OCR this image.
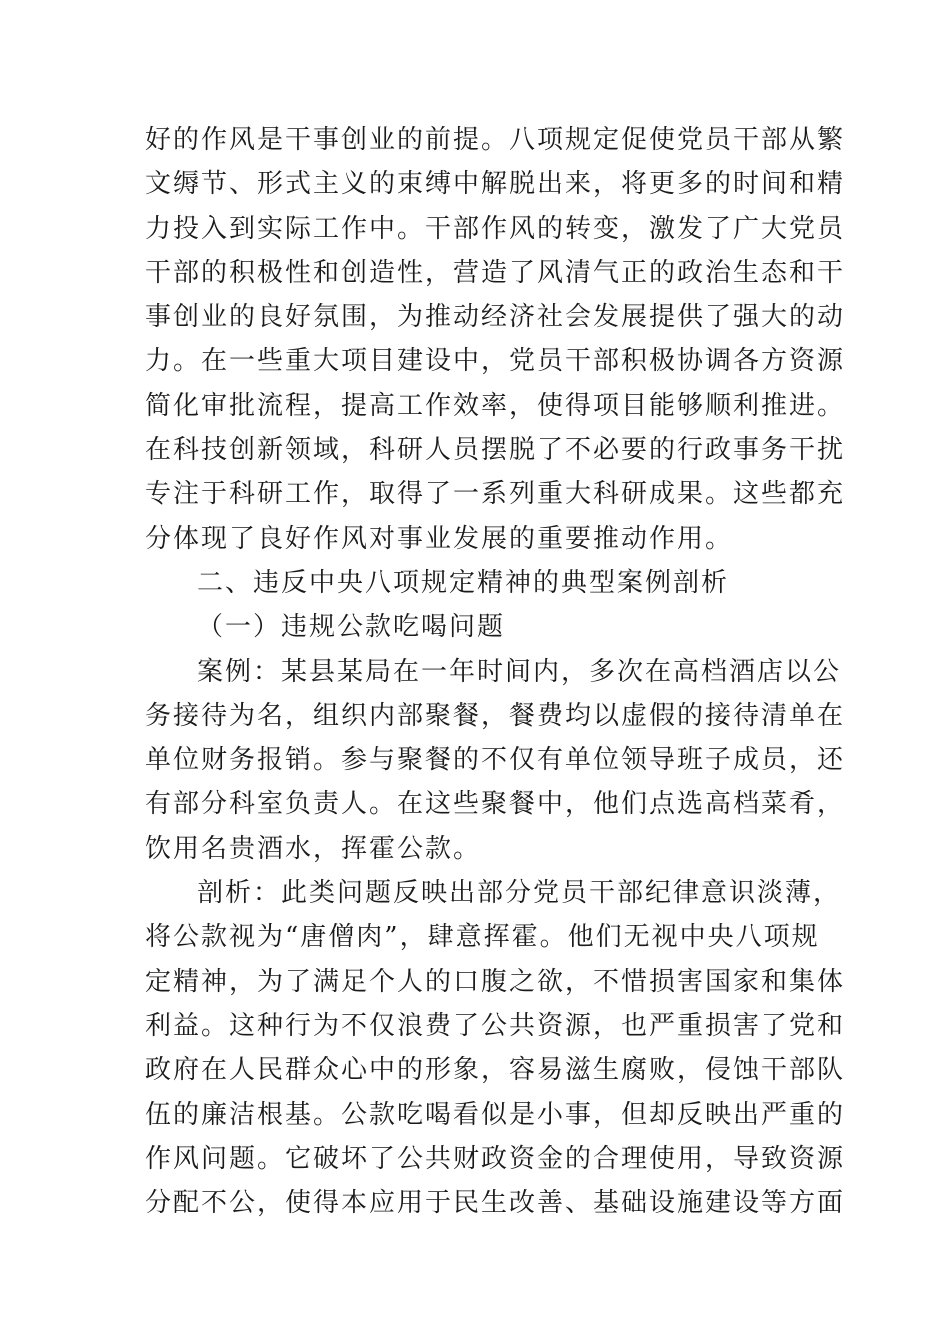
好的作风是干事创业的前提。八项规定促使党员干部从繁
文缛节、形式主义的束缚中解脱出来，将更多的时间和精
力投入到实际工作中。干部作风的转变，激发了广大党员
干部的积极性和创造性，营造了风清气正的政治生态和干
事创业的良好氛围，为推动经济社会发展提供了强大的动
力。在一些重大项目建设中，党员干部积极协调各方资源
简化审批流程，提高工作效率，使得项目能够顺利推进。
在科技创新领域，科研人员摆脱了不必要的行政事务干扰
专注于科研工作，取得了一系列重大科研成果。这些都充
分体现了良好作风对事业发展的重要推动作用。
二、违反中央八项规定精神的典型案例剖析
（一）违规公款吃喝问题
案例：某县某局在一年时间内，多次在高档酒店以公
务接待为名，组织内部聚餐，餐费均以虚假的接待清单在
单位财务报销。参与聚餐的不仅有单位领导班子成员，还
有部分科室负责人。在这些聚餐中，他们点选高档菜肴，
饮用名贵酒水，挥霍公款。
剖析：此类问题反映出部分党员干部纪律意识淡薄，
将公款视为“唐僧肉”，肆意挥霍。他们无视中央八项规
定精神，为了满足个人的口腹之欲，不惜损害国家和集体
利益。这种行为不仅浪费了公共资源，也严重损害了党和
政府在人民群众心中的形象，容易滋生腐败，侵蚀干部队
伍的廉洁根基。公款吃喝看似是小事，但却反映出严重的
作风问题。它破坏了公共财政资金的合理使用，导致资源
分配不公，使得本应用于民生改善、基础设施建设等方面
